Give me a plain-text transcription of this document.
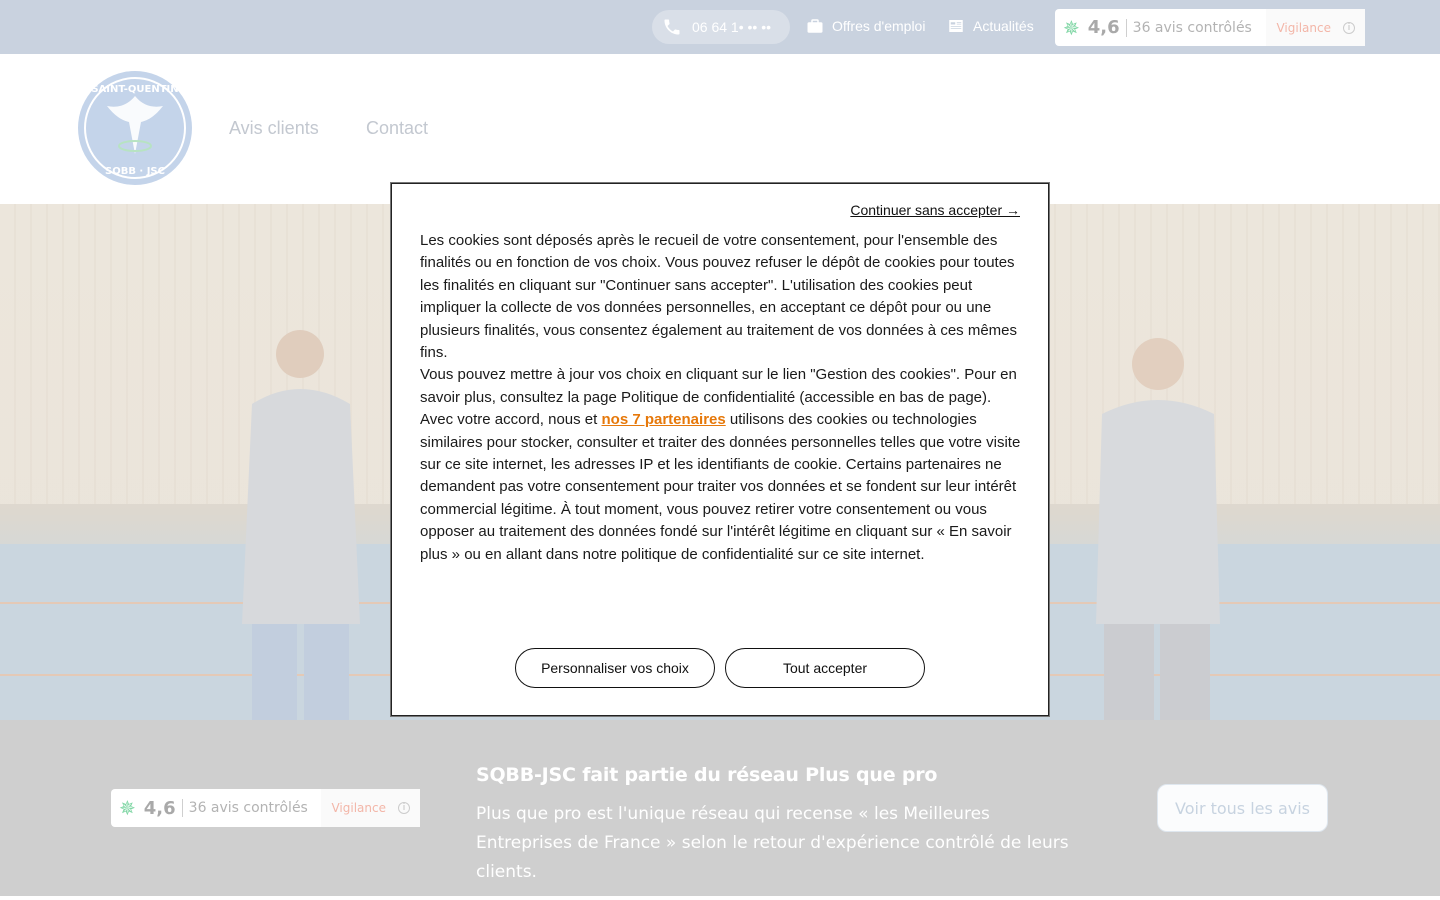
06 64 1• •• ••	Offres d'emploi	Actualités ✵ 4,6 36 avis contrôlés Vigilance	i
SAINT-QUENTIN
SQBB · JSC
Avis clients	Contact
✵ 4,6 36 avis contrôlés Vigilance	i
SQBB-JSC fait partie du réseau Plus que pro
Plus que pro est l'unique réseau qui recense « les Meilleures Entreprises de France » selon le retour d'expérience contrôlé de leurs clients.
Voir tous les avis
Continuer sans accepter →
Les cookies sont déposés après le recueil de votre consentement, pour l'ensemble des finalités ou en fonction de vos choix. Vous pouvez refuser le dépôt de cookies pour toutes les finalités en cliquant sur "Continuer sans accepter". L'utilisation des cookies peut impliquer la collecte de vos données personnelles, en acceptant ce dépôt pour ou une plusieurs finalités, vous consentez également au traitement de vos données à ces mêmes fins.
Vous pouvez mettre à jour vos choix en cliquant sur le lien "Gestion des cookies". Pour en savoir plus, consultez la page Politique de confidentialité (accessible en bas de page).

Avec votre accord, nous et nos 7 partenaires utilisons des cookies ou technologies similaires pour stocker, consulter et traiter des données personnelles telles que votre visite sur ce site internet, les adresses IP et les identifiants de cookie. Certains partenaires ne demandent pas votre consentement pour traiter vos données et se fondent sur leur intérêt commercial légitime. À tout moment, vous pouvez retirer votre consentement ou vous opposer au traitement des données fondé sur l'intérêt légitime en cliquant sur « En savoir plus » ou en allant dans notre politique de confidentialité sur ce site internet.

Personnaliser vos choix	Tout accepter
